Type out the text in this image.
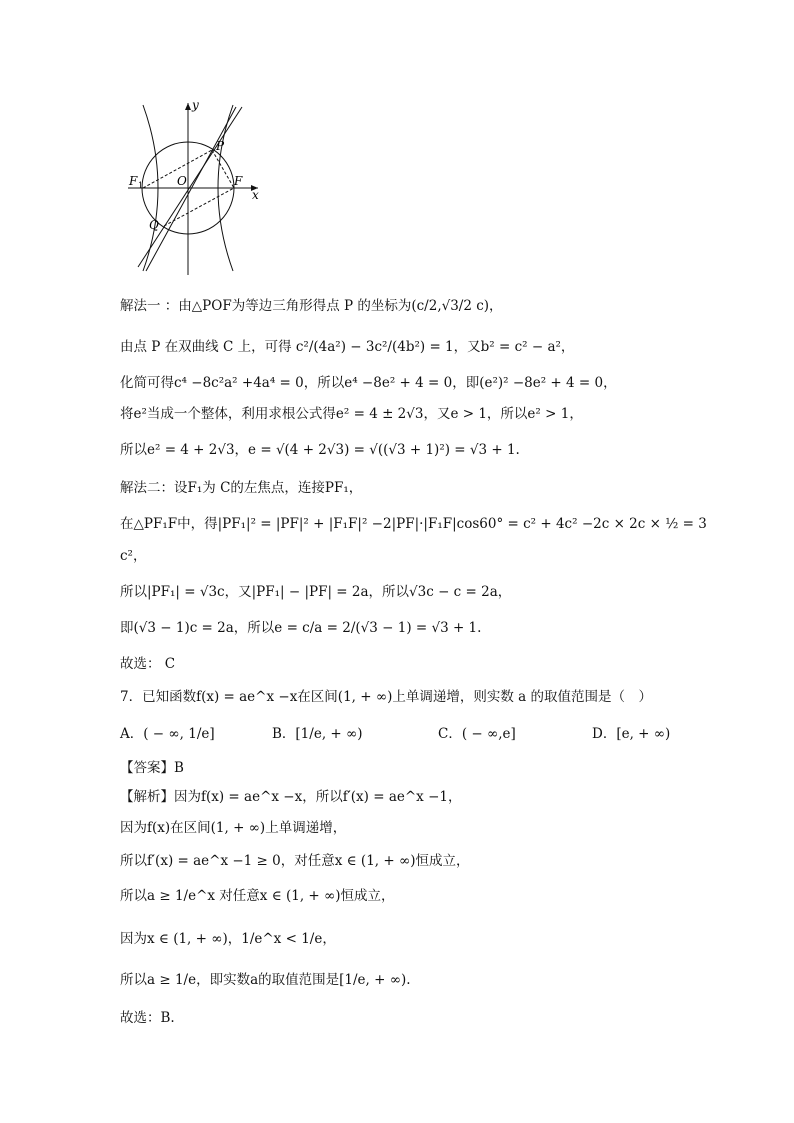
y
x
O
P
Q
F 1	F
解法一 ：由△POF为等边三角形得点 P 的坐标为(c/2,√3/2 c)，
由点 P 在双曲线 C 上，可得 c²/(4a²) − 3c²/(4b²) = 1，又b² = c² − a²，
化简可得c⁴ −8c²a² +4a⁴ = 0，所以e⁴ −8e² + 4 = 0，即(e²)² −8e² + 4 = 0，
将e²当成一个整体，利用求根公式得e² = 4 ± 2√3，又e > 1，所以e² > 1，
所以e² = 4 + 2√3，e = √(4 + 2√3) = √((√3 + 1)²) = √3 + 1.
解法二：设F₁为 C的左焦点，连接PF₁，
在△PF₁F中，得|PF₁|² = |PF|² + |F₁F|² −2|PF|·|F₁F|cos60° = c² + 4c² −2c × 2c × ½ = 3
c²，
所以|PF₁| = √3c，又|PF₁| − |PF| = 2a，所以√3c − c = 2a，
即(√3 − 1)c = 2a，所以e = c/a = 2/(√3 − 1) = √3 + 1.
故选： C
7．已知函数f(x) = ae^x −x在区间(1, + ∞)上单调递增，则实数 a 的取值范围是（　）
A．( − ∞, 1/e]	B．[1/e, + ∞)	C．( − ∞,e]	D．[e, + ∞)
【答案】B
【解析】因为f(x) = ae^x −x，所以f′(x) = ae^x −1，
因为f(x)在区间(1, + ∞)上单调递增，
所以f′(x) = ae^x −1 ≥ 0，对任意x ∈ (1, + ∞)恒成立，
所以a ≥ 1/e^x 对任意x ∈ (1, + ∞)恒成立，
因为x ∈ (1, + ∞)，1/e^x < 1/e，
所以a ≥ 1/e，即实数a的取值范围是[1/e, + ∞).
故选：B.
